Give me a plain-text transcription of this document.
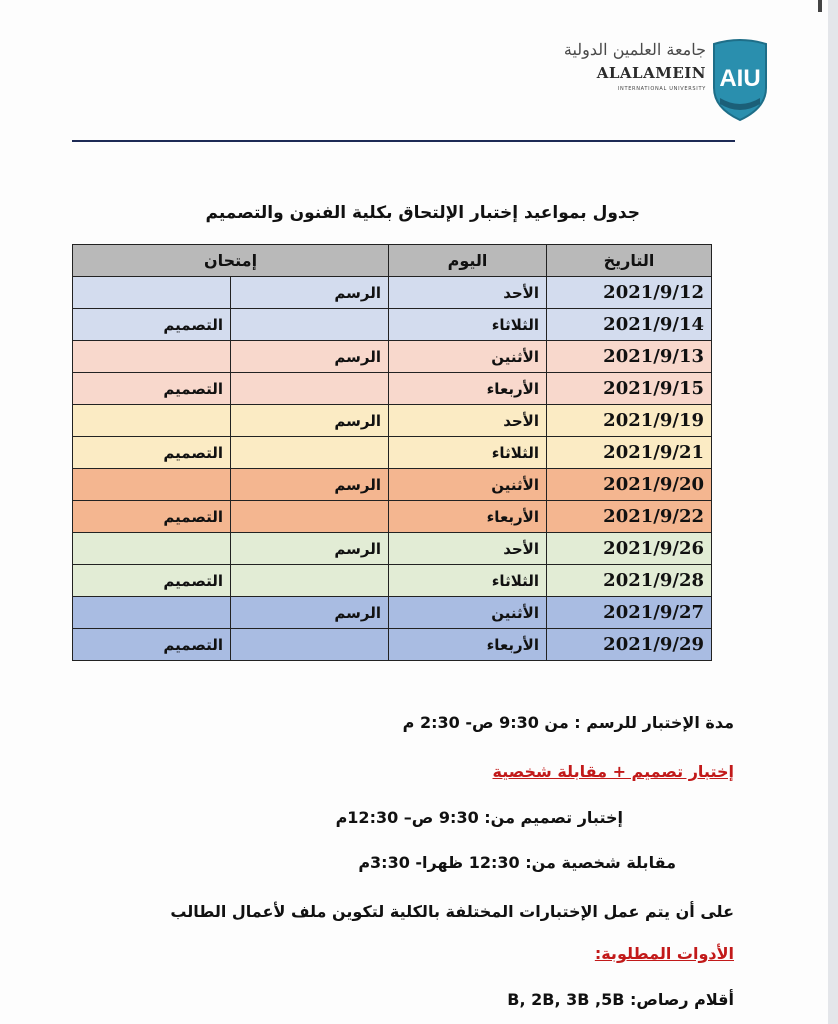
جامعة العلمين الدولية
ALALAMEIN
INTERNATIONAL UNIVERSITY AIU
جدول بمواعيد إختبار الإلتحاق بكلية الفنون والتصميم
إمتحان		اليوم	التاريخ
	الرسم	الأحد	2021/9/12
التصميم		الثلاثاء	2021/9/14
	الرسم	الأثنين	2021/9/13
التصميم		الأربعاء	2021/9/15
	الرسم	الأحد	2021/9/19
التصميم		الثلاثاء	2021/9/21
	الرسم	الأثنين	2021/9/20
التصميم		الأربعاء	2021/9/22
	الرسم	الأحد	2021/9/26
التصميم		الثلاثاء	2021/9/28
	الرسم	الأثنين	2021/9/27
التصميم		الأربعاء	2021/9/29
مدة الإختبار للرسم : من 9:30 ص- 2:30 م
إختبار تصميم + مقابلة شخصية
إختبار تصميم من: 9:30 ص– 12:30م
مقابلة شخصية من: 12:30 ظهرا- 3:30م
على أن يتم عمل الإختبارات المختلفة بالكلية لتكوين ملف لأعمال الطالب
الأدوات المطلوبة:
أقلام رصاص: B, 2B, 3B ,5B
